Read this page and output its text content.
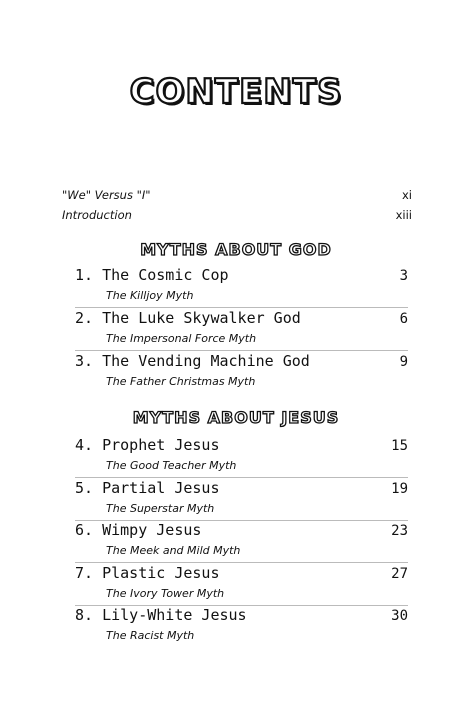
CONTENTS
"We" Versus "I"	xi
Introduction	xiii
MYTHS ABOUT GOD
1. The Cosmic Cop	3
The Killjoy Myth
2. The Luke Skywalker God	6
The Impersonal Force Myth
3. The Vending Machine God	9
The Father Christmas Myth
MYTHS ABOUT JESUS
4. Prophet Jesus	15
The Good Teacher Myth
5. Partial Jesus	19
The Superstar Myth
6. Wimpy Jesus	23
The Meek and Mild Myth
7. Plastic Jesus	27
The Ivory Tower Myth
8. Lily-White Jesus	30
The Racist Myth
